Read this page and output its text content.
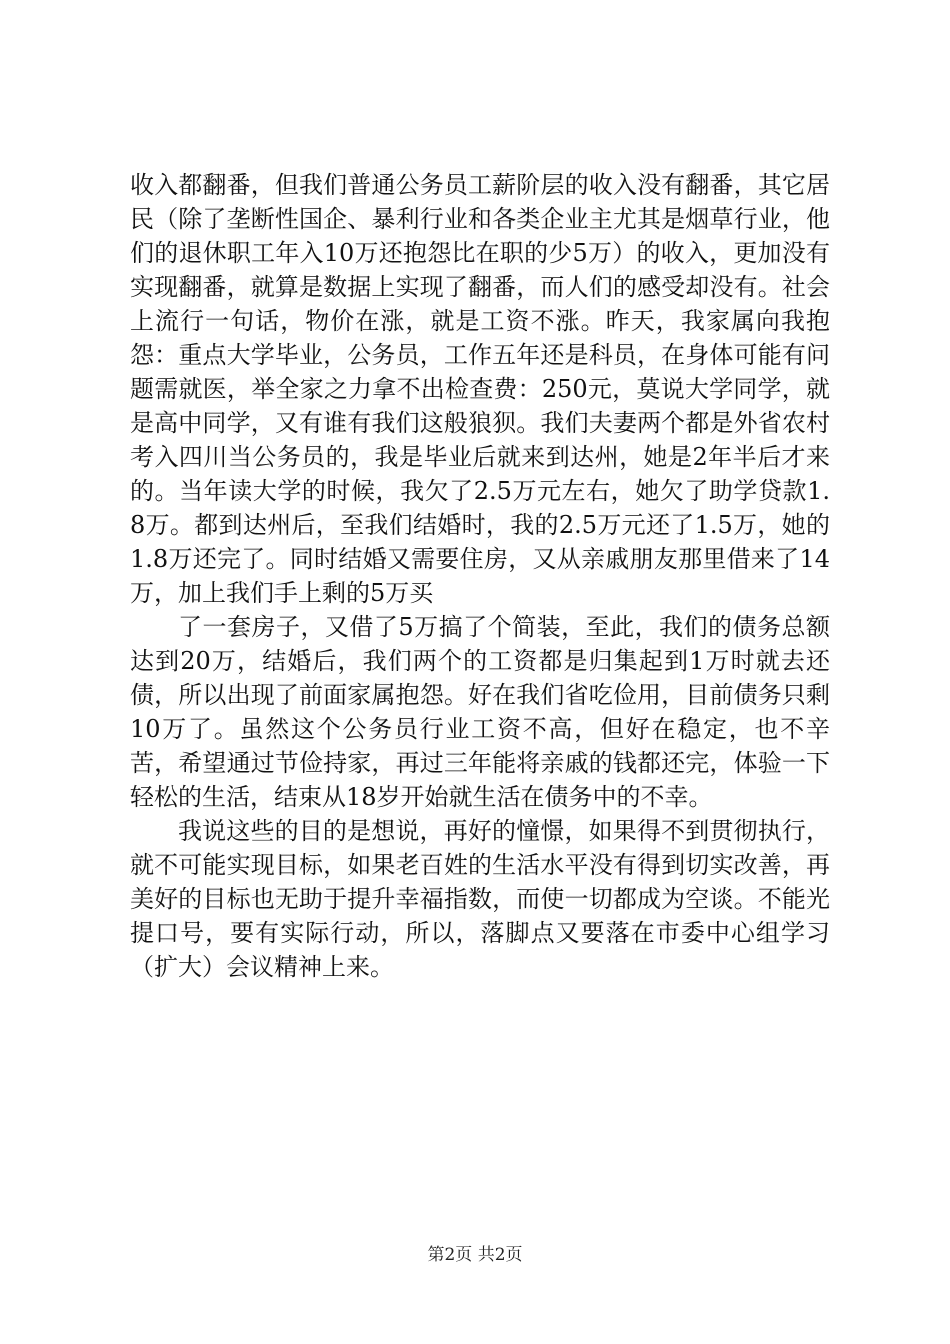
收入都翻番，但我们普通公务员工薪阶层的收入没有翻番，其它居民（除了垄断性国企、暴利行业和各类企业主尤其是烟草行业，他们的退休职工年入10万还抱怨比在职的少5万）的收入，更加没有实现翻番，就算是数据上实现了翻番，而人们的感受却没有。社会上流行一句话，物价在涨，就是工资不涨。昨天，我家属向我抱怨：重点大学毕业，公务员，工作五年还是科员，在身体可能有问题需就医，举全家之力拿不出检查费：250元，莫说大学同学，就是高中同学，又有谁有我们这般狼狈。我们夫妻两个都是外省农村考入四川当公务员的，我是毕业后就来到达州，她是2年半后才来的。当年读大学的时候，我欠了2.5万元左右，她欠了助学贷款1.8万。都到达州后，至我们结婚时，我的2.5万元还了1.5万，她的1.8万还完了。同时结婚又需要住房，又从亲戚朋友那里借来了14万，加上我们手上剩的5万买

了一套房子，又借了5万搞了个简装，至此，我们的债务总额达到20万，结婚后，我们两个的工资都是归集起到1万时就去还债，所以出现了前面家属抱怨。好在我们省吃俭用，目前债务只剩10万了。虽然这个公务员行业工资不高，但好在稳定，也不辛苦，希望通过节俭持家，再过三年能将亲戚的钱都还完，体验一下轻松的生活，结束从18岁开始就生活在债务中的不幸。

我说这些的目的是想说，再好的憧憬，如果得不到贯彻执行，就不可能实现目标，如果老百姓的生活水平没有得到切实改善，再美好的目标也无助于提升幸福指数，而使一切都成为空谈。不能光提口号，要有实际行动，所以，落脚点又要落在市委中心组学习（扩大）会议精神上来。

第2页 共2页
